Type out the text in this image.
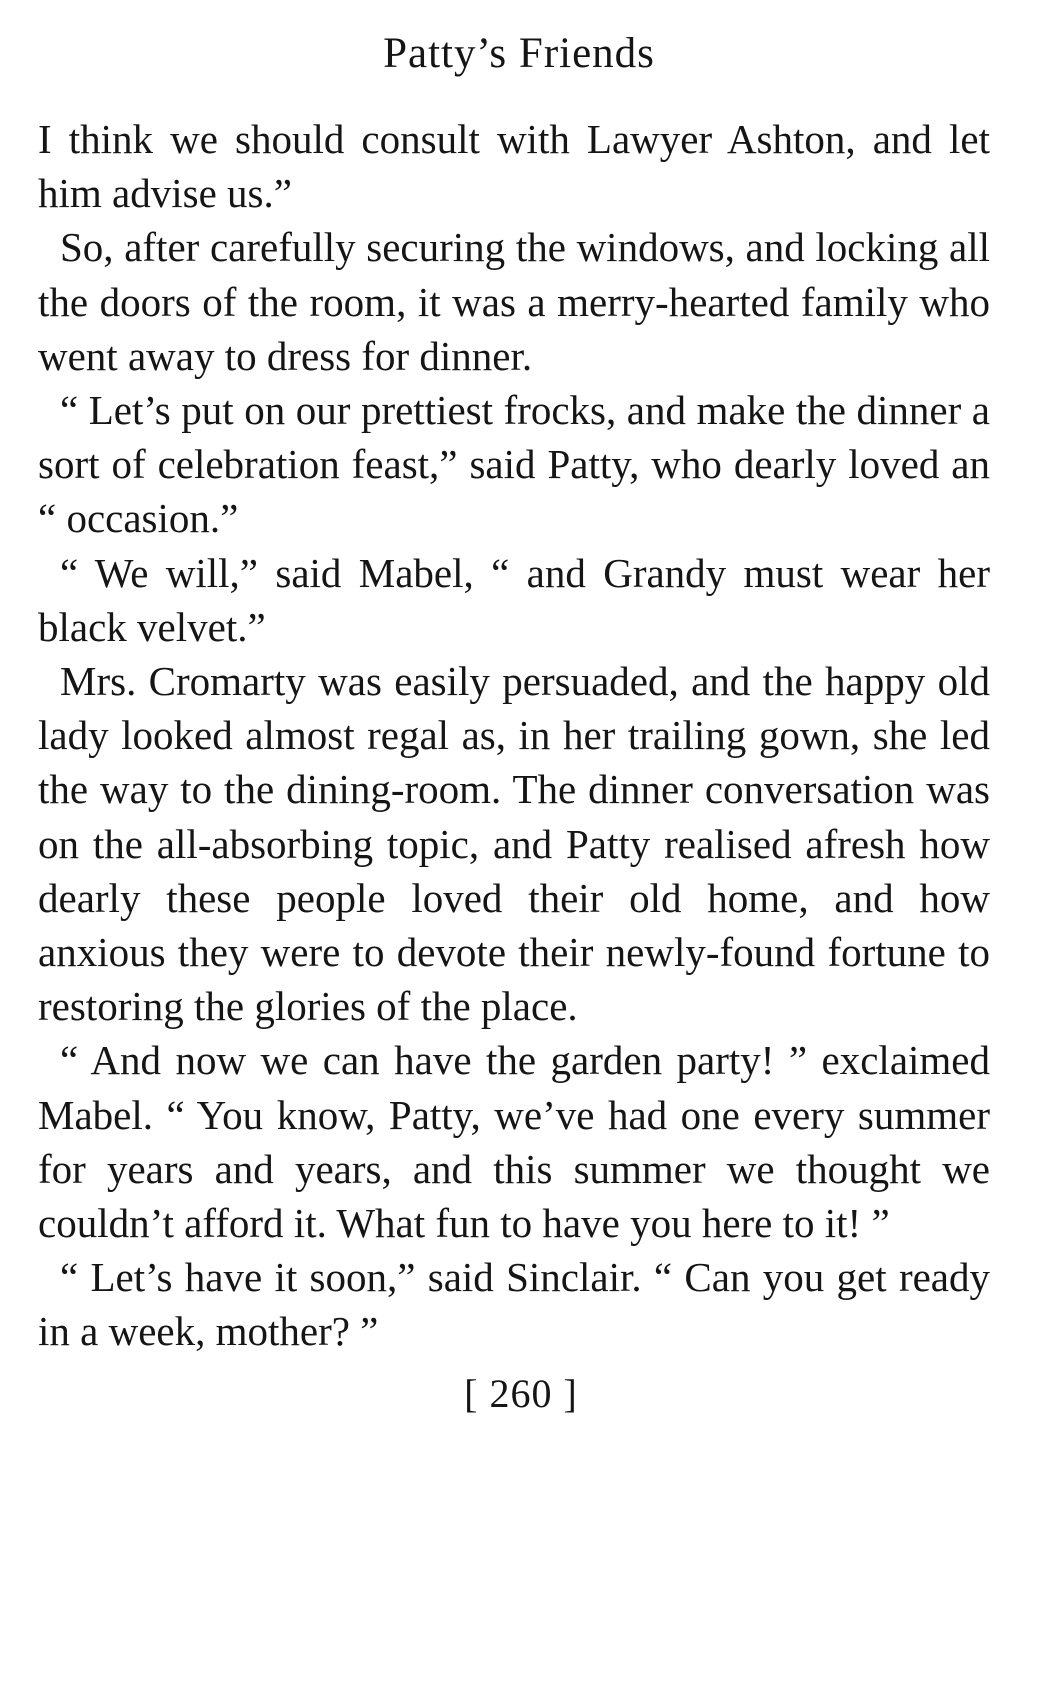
Patty’s Friends

I think we should consult with Lawyer Ashton, and let him advise us.”

So, after carefully securing the windows, and locking all the doors of the room, it was a merry-hearted family who went away to dress for dinner.

“ Let’s put on our prettiest frocks, and make the dinner a sort of celebration feast,” said Patty, who dearly loved an “ occasion.”

“ We will,” said Mabel, “ and Grandy must wear her black velvet.”

Mrs. Cromarty was easily persuaded, and the happy old lady looked almost regal as, in her trailing gown, she led the way to the dining-room. The dinner conversation was on the all-absorbing topic, and Patty realised afresh how dearly these people loved their old home, and how anxious they were to devote their newly-found fortune to restoring the glories of the place.

“ And now we can have the garden party! ” exclaimed Mabel. “ You know, Patty, we’ve had one every summer for years and years, and this summer we thought we couldn’t afford it. What fun to have you here to it! ”

“ Let’s have it soon,” said Sinclair. “ Can you get ready in a week, mother? ”

[ 260 ]
